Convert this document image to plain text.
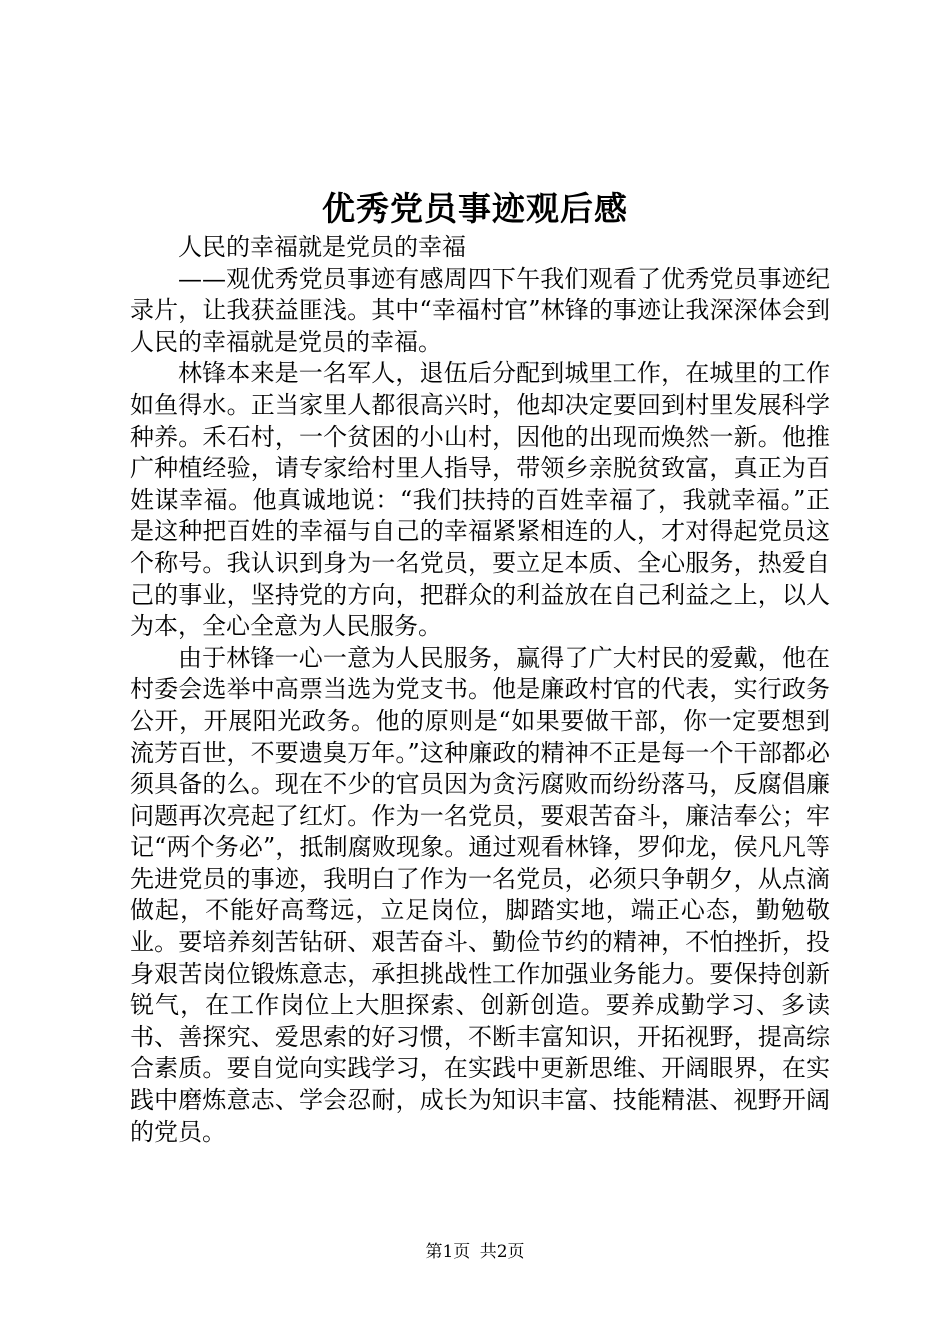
优秀党员事迹观后感

人民的幸福就是党员的幸福

——观优秀党员事迹有感周四下午我们观看了优秀党员事迹纪录片，让我获益匪浅。其中“幸福村官”林锋的事迹让我深深体会到人民的幸福就是党员的幸福。

林锋本来是一名军人，退伍后分配到城里工作，在城里的工作如鱼得水。正当家里人都很高兴时，他却决定要回到村里发展科学种养。禾石村，一个贫困的小山村，因他的出现而焕然一新。他推广种植经验，请专家给村里人指导，带领乡亲脱贫致富，真正为百姓谋幸福。他真诚地说：“我们扶持的百姓幸福了，我就幸福。”正是这种把百姓的幸福与自己的幸福紧紧相连的人，才对得起党员这个称号。我认识到身为一名党员，要立足本质、全心服务，热爱自己的事业，坚持党的方向，把群众的利益放在自己利益之上，以人为本，全心全意为人民服务。

由于林锋一心一意为人民服务，赢得了广大村民的爱戴，他在村委会选举中高票当选为党支书。他是廉政村官的代表，实行政务公开，开展阳光政务。他的原则是“如果要做干部，你一定要想到流芳百世，不要遗臭万年。”这种廉政的精神不正是每一个干部都必须具备的么。现在不少的官员因为贪污腐败而纷纷落马，反腐倡廉问题再次亮起了红灯。作为一名党员，要艰苦奋斗，廉洁奉公；牢记“两个务必”，抵制腐败现象。通过观看林锋，罗仰龙，侯凡凡等先进党员的事迹，我明白了作为一名党员，必须只争朝夕，从点滴做起，不能好高骛远，立足岗位，脚踏实地，端正心态，勤勉敬业。要培养刻苦钻研、艰苦奋斗、勤俭节约的精神，不怕挫折，投身艰苦岗位锻炼意志，承担挑战性工作加强业务能力。要保持创新锐气，在工作岗位上大胆探索、创新创造。要养成勤学习、多读书、善探究、爱思索的好习惯，不断丰富知识，开拓视野，提高综合素质。要自觉向实践学习，在实践中更新思维、开阔眼界，在实践中磨炼意志、学会忍耐，成长为知识丰富、技能精湛、视野开阔的党员。

第1页 共2页
